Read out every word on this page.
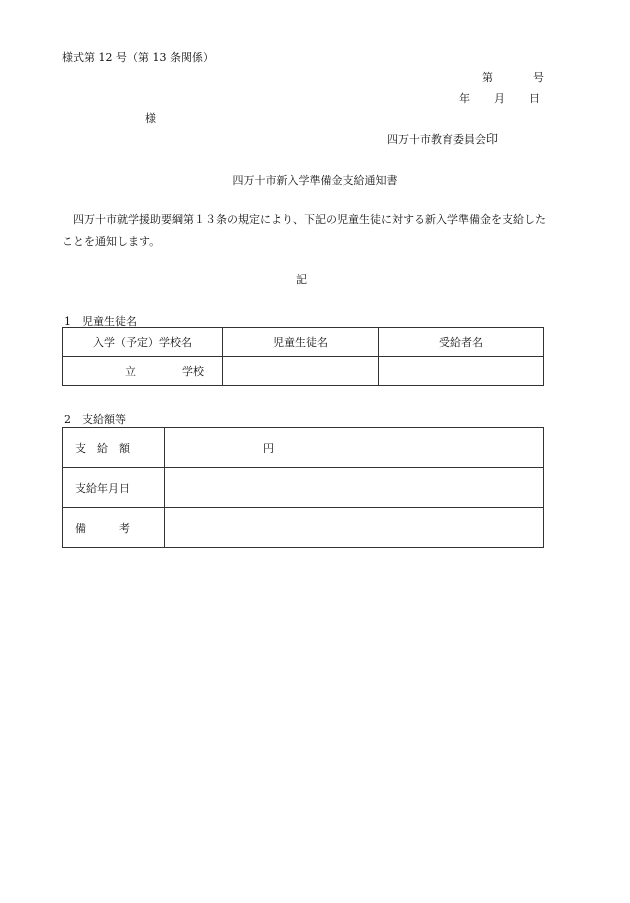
様式第 12 号（第 13 条関係）
第	号
年 月 日
様
四万十市教育委員会印
四万十市新入学準備金支給通知書
四万十市就学援助要綱第１３条の規定により、下記の児童生徒に対する新入学準備金を支給したことを通知します。
記
1　児童生徒名
入学（予定）学校名	児童生徒名	受給者名
立 学校		
2　支給額等
支　給　額	円
支給年月日	
備　　　考	
